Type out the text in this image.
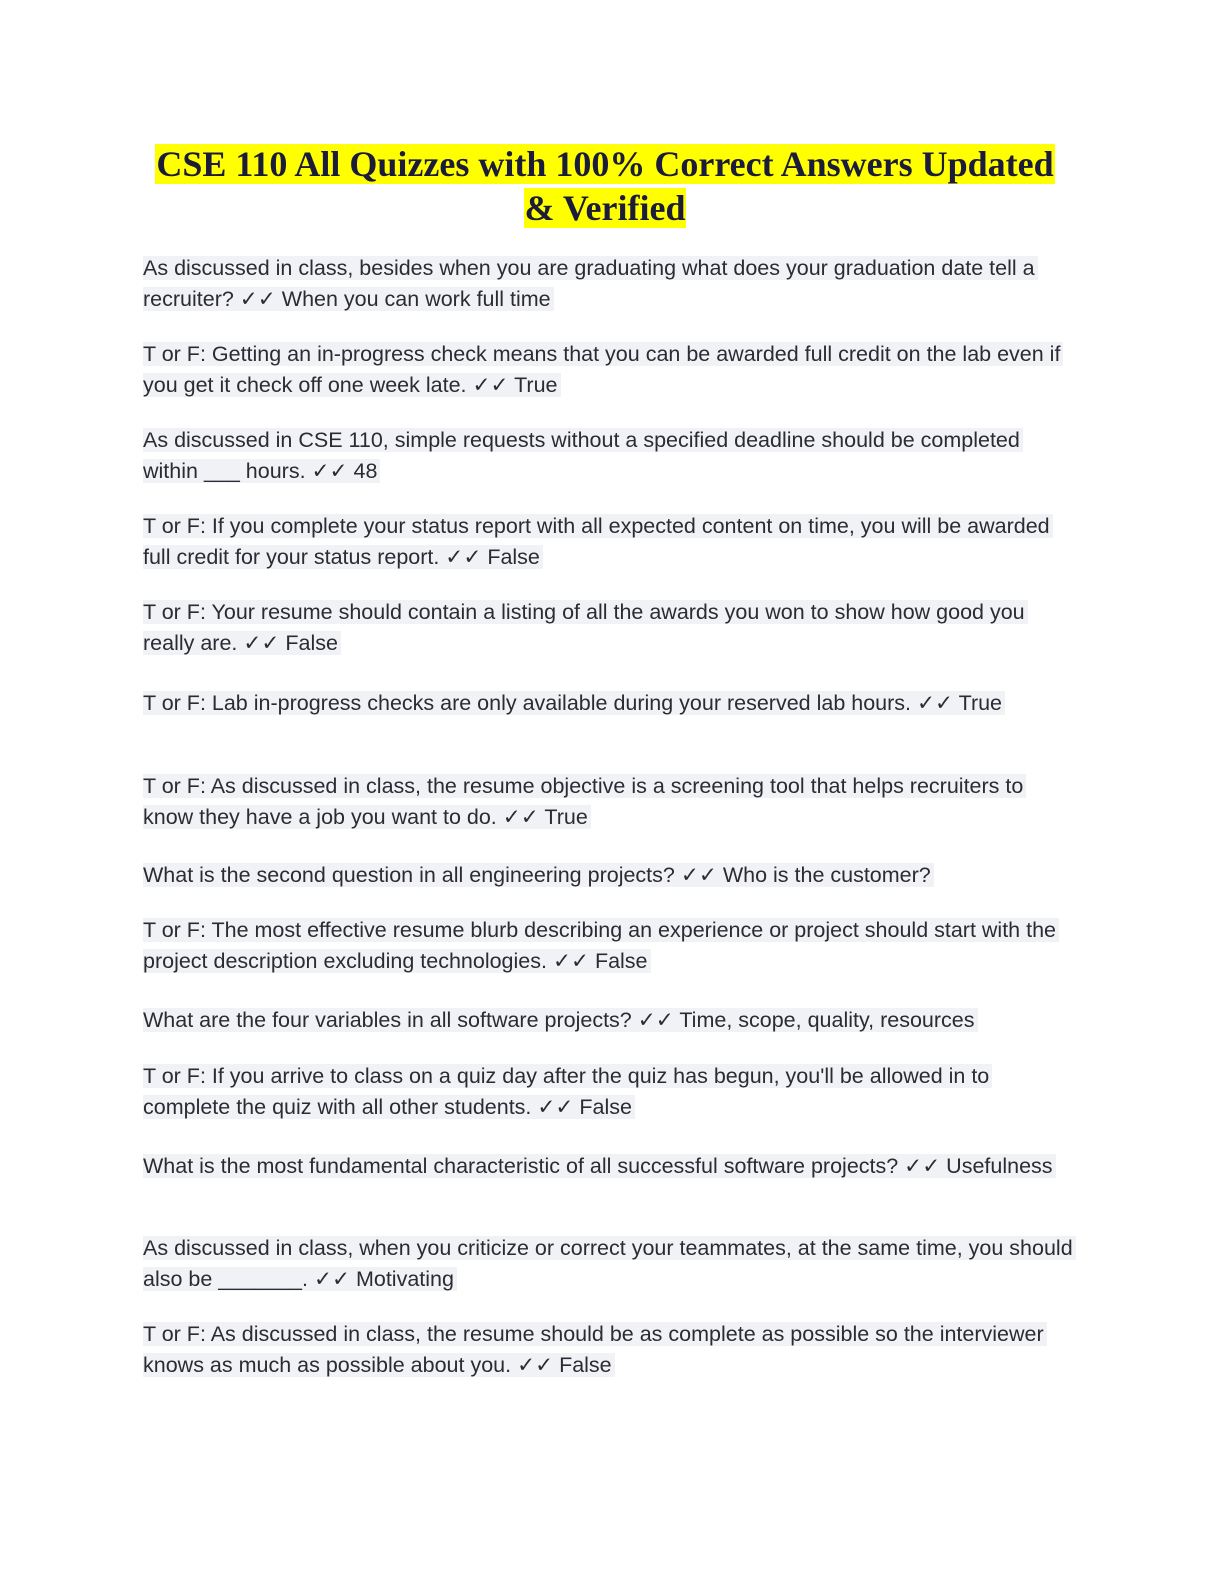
CSE 110 All Quizzes with 100% Correct Answers Updated & Verified

As discussed in class, besides when you are graduating what does your graduation date tell a recruiter? ✓✓ When you can work full time

T or F: Getting an in-progress check means that you can be awarded full credit on the lab even if you get it check off one week late. ✓✓ True

As discussed in CSE 110, simple requests without a specified deadline should be completed within ___ hours. ✓✓ 48

T or F: If you complete your status report with all expected content on time, you will be awarded full credit for your status report. ✓✓ False

T or F: Your resume should contain a listing of all the awards you won to show how good you really are. ✓✓ False

T or F: Lab in-progress checks are only available during your reserved lab hours. ✓✓ True

T or F: As discussed in class, the resume objective is a screening tool that helps recruiters to know they have a job you want to do. ✓✓ True

What is the second question in all engineering projects? ✓✓ Who is the customer?

T or F: The most effective resume blurb describing an experience or project should start with the project description excluding technologies. ✓✓ False

What are the four variables in all software projects? ✓✓ Time, scope, quality, resources

T or F: If you arrive to class on a quiz day after the quiz has begun, you'll be allowed in to complete the quiz with all other students. ✓✓ False

What is the most fundamental characteristic of all successful software projects? ✓✓ Usefulness

As discussed in class, when you criticize or correct your teammates, at the same time, you should also be _______. ✓✓ Motivating

T or F: As discussed in class, the resume should be as complete as possible so the interviewer knows as much as possible about you. ✓✓ False
